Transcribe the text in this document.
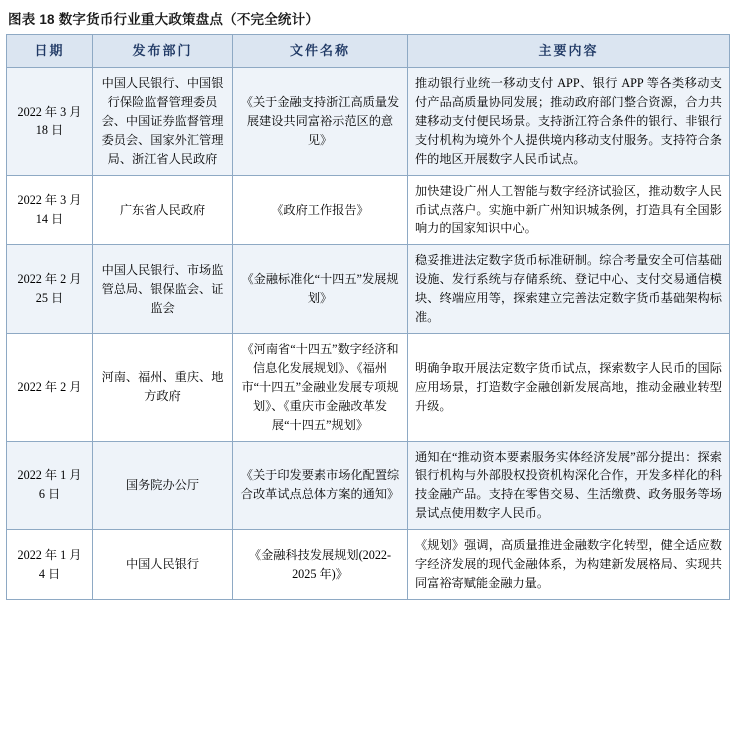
图表 18 数字货币行业重大政策盘点（不完全统计）
日期	发布部门	文件名称	主要内容
2022 年 3 月 18 日	中国人民银行、中国银行保险监督管理委员会、中国证券监督管理委员会、国家外汇管理局、浙江省人民政府	《关于金融支持浙江高质量发展建设共同富裕示范区的意见》	推动银行业统一移动支付 APP、银行 APP 等各类移动支付产品高质量协同发展；推动政府部门整合资源，合力共建移动支付便民场景。支持浙江符合条件的银行、非银行支付机构为境外个人提供境内移动支付服务。支持符合条件的地区开展数字人民币试点。
2022 年 3 月 14 日	广东省人民政府	《政府工作报告》	加快建设广州人工智能与数字经济试验区，推动数字人民币试点落户。实施中新广州知识城条例，打造具有全国影响力的国家知识中心。
2022 年 2 月 25 日	中国人民银行、市场监管总局、银保监会、证监会	《金融标准化“十四五”发展规划》	稳妥推进法定数字货币标准研制。综合考量安全可信基础设施、发行系统与存储系统、登记中心、支付交易通信模块、终端应用等，探索建立完善法定数字货币基础架构标准。
2022 年 2 月	河南、福州、重庆、地方政府	《河南省“十四五”数字经济和信息化发展规划》、《福州市“十四五”金融业发展专项规划》、《重庆市金融改革发展“十四五”规划》	明确争取开展法定数字货币试点，探索数字人民币的国际应用场景，打造数字金融创新发展高地，推动金融业转型升级。
2022 年 1 月 6 日	国务院办公厅	《关于印发要素市场化配置综合改革试点总体方案的通知》	通知在“推动资本要素服务实体经济发展”部分提出：探索银行机构与外部股权投资机构深化合作，开发多样化的科技金融产品。支持在零售交易、生活缴费、政务服务等场景试点使用数字人民币。
2022 年 1 月 4 日	中国人民银行	《金融科技发展规划(2022-2025 年)》	《规划》强调，高质量推进金融数字化转型，健全适应数字经济发展的现代金融体系，为构建新发展格局、实现共同富裕寄赋能金融力量。
